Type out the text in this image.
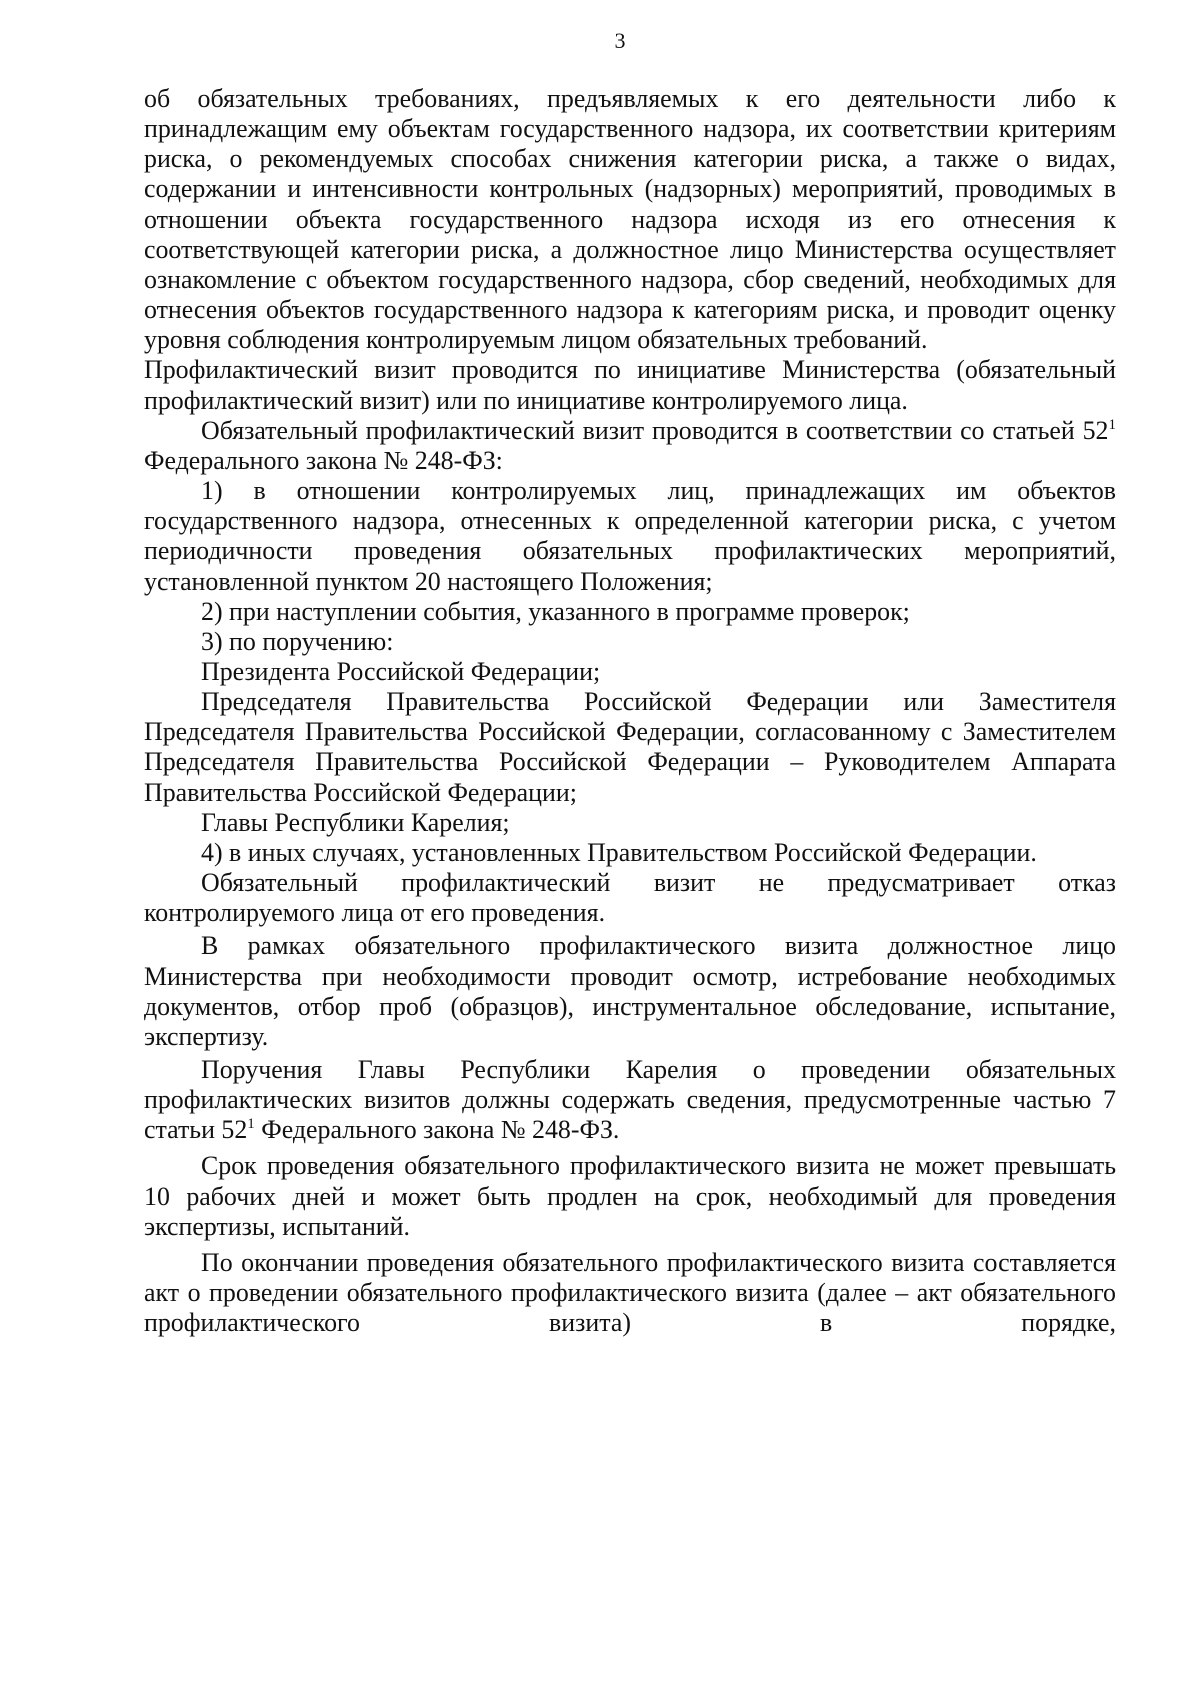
3

об обязательных требованиях, предъявляемых к его деятельности либо к принадлежащим ему объектам государственного надзора, их соответствии критериям риска, о рекомендуемых способах снижения категории риска, а также о видах, содержании и интенсивности контрольных (надзорных) мероприятий, проводимых в отношении объекта государственного надзора исходя из его отнесения к соответствующей категории риска, а должностное лицо Министерства осуществляет ознакомление с объектом государственного надзора, сбор сведений, необходимых для отнесения объектов государственного надзора к категориям риска, и проводит оценку уровня соблюдения контролируемым лицом обязательных требований.

Профилактический визит проводится по инициативе Министерства (обязательный профилактический визит) или по инициативе контролируемого лица.

Обязательный профилактический визит проводится в соответствии со статьей $52^1$ Федерального закона № 248-ФЗ:

1) в отношении контролируемых лиц, принадлежащих им объектов государственного надзора, отнесенных к определенной категории риска, с учетом периодичности проведения обязательных профилактических мероприятий, установленной пунктом 20 настоящего Положения;

2) при наступлении события, указанного в программе проверок;

3) по поручению:

Президента Российской Федерации;

Председателя Правительства Российской Федерации или Заместителя Председателя Правительства Российской Федерации, согласованному с Заместителем Председателя Правительства Российской Федерации – Руководителем Аппарата Правительства Российской Федерации;

Главы Республики Карелия;

4) в иных случаях, установленных Правительством Российской Федерации.

Обязательный профилактический визит не предусматривает отказ контролируемого лица от его проведения.

В рамках обязательного профилактического визита должностное лицо Министерства при необходимости проводит осмотр, истребование необходимых документов, отбор проб (образцов), инструментальное обследование, испытание, экспертизу.

Поручения Главы Республики Карелия о проведении обязательных профилактических визитов должны содержать сведения, предусмотренные частью 7 статьи $52^1$ Федерального закона № 248-ФЗ.

Срок проведения обязательного профилактического визита не может превышать 10 рабочих дней и может быть продлен на срок, необходимый для проведения экспертизы, испытаний.

По окончании проведения обязательного профилактического визита составляется акт о проведении обязательного профилактического визита (далее – акт обязательного профилактического визита) в порядке,
